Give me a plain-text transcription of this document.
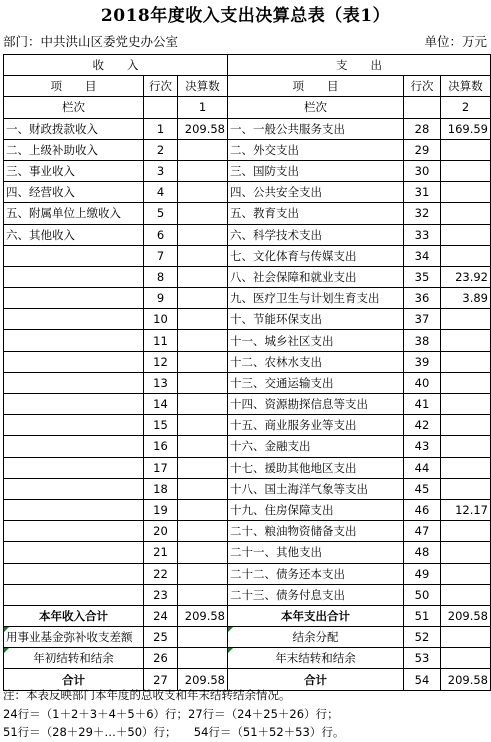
2018年度收入支出决算总表（表1）
部门：中共洪山区委党史办公室	单位：万元
收　　入			支　　出		
项　　目	行次	决算数	项　　目	行次	决算数
栏次		1	栏次		2
一、财政拨款收入	1	209.58	一、一般公共服务支出	28	169.59
二、上级补助收入	2		二、外交支出	29	
三、事业收入	3		三、国防支出	30	
四、经营收入	4		四、公共安全支出	31	
五、附属单位上缴收入	5		五、教育支出	32	
六、其他收入	6		六、科学技术支出	33	
	7		七、文化体育与传媒支出	34	
	8		八、社会保障和就业支出	35	23.92
	9		九、医疗卫生与计划生育支出	36	3.89
	10		十、节能环保支出	37	
	11		十一、城乡社区支出	38	
	12		十二、农林水支出	39	
	13		十三、交通运输支出	40	
	14		十四、资源勘探信息等支出	41	
	15		十五、商业服务业等支出	42	
	16		十六、金融支出	43	
	17		十七、援助其他地区支出	44	
	18		十八、国土海洋气象等支出	45	
	19		十九、住房保障支出	46	12.17
	20		二十、粮油物资储备支出	47	
	21		二十一、其他支出	48	
	22		二十二、债务还本支出	49	
	23		二十三、债务付息支出	50	
本年收入合计	24	209.58	本年支出合计	51	209.58
用事业基金弥补收支差额	25		结余分配	52	
年初结转和结余	26		年末结转和结余	53	
合计	27	209.58	合计	54	209.58
注：本表反映部门本年度的总收支和年末结转结余情况。
24行＝（1＋2＋3＋4＋5＋6）行；27行＝（24＋25＋26）行；
51行＝（28＋29＋…＋50）行；　　54行＝（51＋52＋53）行。
